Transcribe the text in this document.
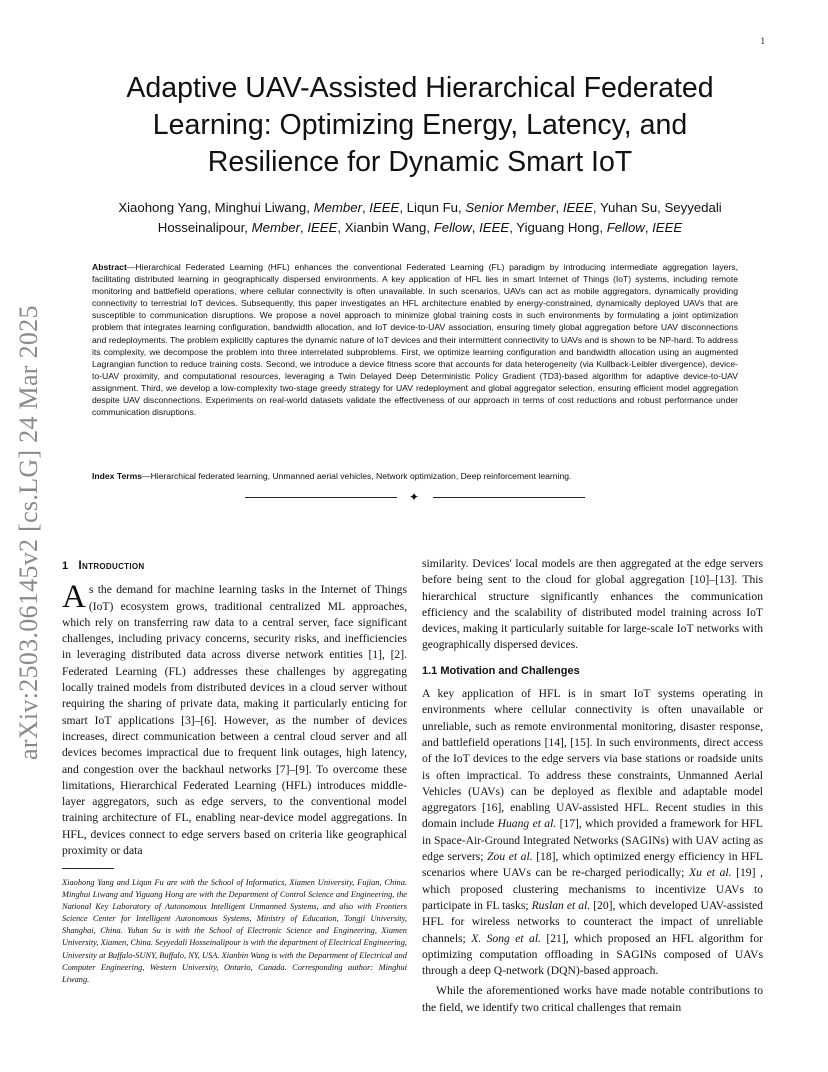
1
arXiv:2503.06145v2 [cs.LG] 24 Mar 2025
Adaptive UAV-Assisted Hierarchical Federated Learning: Optimizing Energy, Latency, and Resilience for Dynamic Smart IoT
Xiaohong Yang, Minghui Liwang, Member, IEEE, Liqun Fu, Senior Member, IEEE, Yuhan Su, Seyyedali Hosseinalipour, Member, IEEE, Xianbin Wang, Fellow, IEEE, Yiguang Hong, Fellow, IEEE
Abstract—Hierarchical Federated Learning (HFL) enhances the conventional Federated Learning (FL) paradigm by introducing intermediate aggregation layers, facilitating distributed learning in geographically dispersed environments. A key application of HFL lies in smart Internet of Things (IoT) systems, including remote monitoring and battlefield operations, where cellular connectivity is often unavailable. In such scenarios, UAVs can act as mobile aggregators, dynamically providing connectivity to terrestrial IoT devices. Subsequently, this paper investigates an HFL architecture enabled by energy-constrained, dynamically deployed UAVs that are susceptible to communication disruptions. We propose a novel approach to minimize global training costs in such environments by formulating a joint optimization problem that integrates learning configuration, bandwidth allocation, and IoT device-to-UAV association, ensuring timely global aggregation before UAV disconnections and redeployments. The problem explicitly captures the dynamic nature of IoT devices and their intermittent connectivity to UAVs and is shown to be NP-hard. To address its complexity, we decompose the problem into three interrelated subproblems. First, we optimize learning configuration and bandwidth allocation using an augmented Lagrangian function to reduce training costs. Second, we introduce a device fitness score that accounts for data heterogeneity (via Kullback-Leibler divergence), device-to-UAV proximity, and computational resources, leveraging a Twin Delayed Deep Deterministic Policy Gradient (TD3)-based algorithm for adaptive device-to-UAV assignment. Third, we develop a low-complexity two-stage greedy strategy for UAV redeployment and global aggregator selection, ensuring efficient model aggregation despite UAV disconnections. Experiments on real-world datasets validate the effectiveness of our approach in terms of cost reductions and robust performance under communication disruptions.
Index Terms—Hierarchical federated learning, Unmanned aerial vehicles, Network optimization, Deep reinforcement learning.
✦
1 Introduction

As the demand for machine learning tasks in the Internet of Things (IoT) ecosystem grows, traditional centralized ML approaches, which rely on transferring raw data to a central server, face significant challenges, including privacy concerns, security risks, and inefficiencies in leveraging distributed data across diverse network entities [1], [2]. Federated Learning (FL) addresses these challenges by aggregating locally trained models from distributed devices in a cloud server without requiring the sharing of private data, making it particularly enticing for smart IoT applications [3]–[6]. However, as the number of devices increases, direct communication between a central cloud server and all devices becomes impractical due to frequent link outages, high latency, and congestion over the backhaul networks [7]–[9]. To overcome these limitations, Hierarchical Federated Learning (HFL) introduces middle-layer aggregators, such as edge servers, to the conventional model training architecture of FL, enabling near-device model aggregations. In HFL, devices connect to edge servers based on criteria like geographical proximity or data

Xiaohong Yang and Liqun Fu are with the School of Informatics, Xiamen University, Fujian, China. Minghui Liwang and Yiguang Hong are with the Department of Control Science and Engineering, the National Key Laboratory of Autonomous Intelligent Unmanned Systems, and also with Frontiers Science Center for Intelligent Autonomous Systems, Ministry of Education, Tongji University, Shanghai, China. Yuhan Su is with the School of Electronic Science and Engineering, Xiamen University, Xiamen, China. Seyyedali Hosseinalipour is with the department of Electrical Engineering, University at Buffalo-SUNY, Buffalo, NY, USA. Xianbin Wang is with the Department of Electrical and Computer Engineering, Western University, Ontario, Canada. Corresponding author: Minghui Liwang.

similarity. Devices' local models are then aggregated at the edge servers before being sent to the cloud for global aggregation [10]–[13]. This hierarchical structure significantly enhances the communication efficiency and the scalability of distributed model training across IoT devices, making it particularly suitable for large-scale IoT networks with geographically dispersed devices.

1.1 Motivation and Challenges

A key application of HFL is in smart IoT systems operating in environments where cellular connectivity is often unavailable or unreliable, such as remote environmental monitoring, disaster response, and battlefield operations [14], [15]. In such environments, direct access of the IoT devices to the edge servers via base stations or roadside units is often impractical. To address these constraints, Unmanned Aerial Vehicles (UAVs) can be deployed as flexible and adaptable model aggregators [16], enabling UAV-assisted HFL. Recent studies in this domain include Huang et al. [17], which provided a framework for HFL in Space-Air-Ground Integrated Networks (SAGINs) with UAV acting as edge servers; Zou et al. [18], which optimized energy efficiency in HFL scenarios where UAVs can be re-charged periodically; Xu et al. [19] , which proposed clustering mechanisms to incentivize UAVs to participate in FL tasks; Ruslan et al. [20], which developed UAV-assisted HFL for wireless networks to counteract the impact of unreliable channels; X. Song et al. [21], which proposed an HFL algorithm for optimizing computation offloading in SAGINs composed of UAVs through a deep Q-network (DQN)-based approach.

While the aforementioned works have made notable contributions to the field, we identify two critical challenges that remain
